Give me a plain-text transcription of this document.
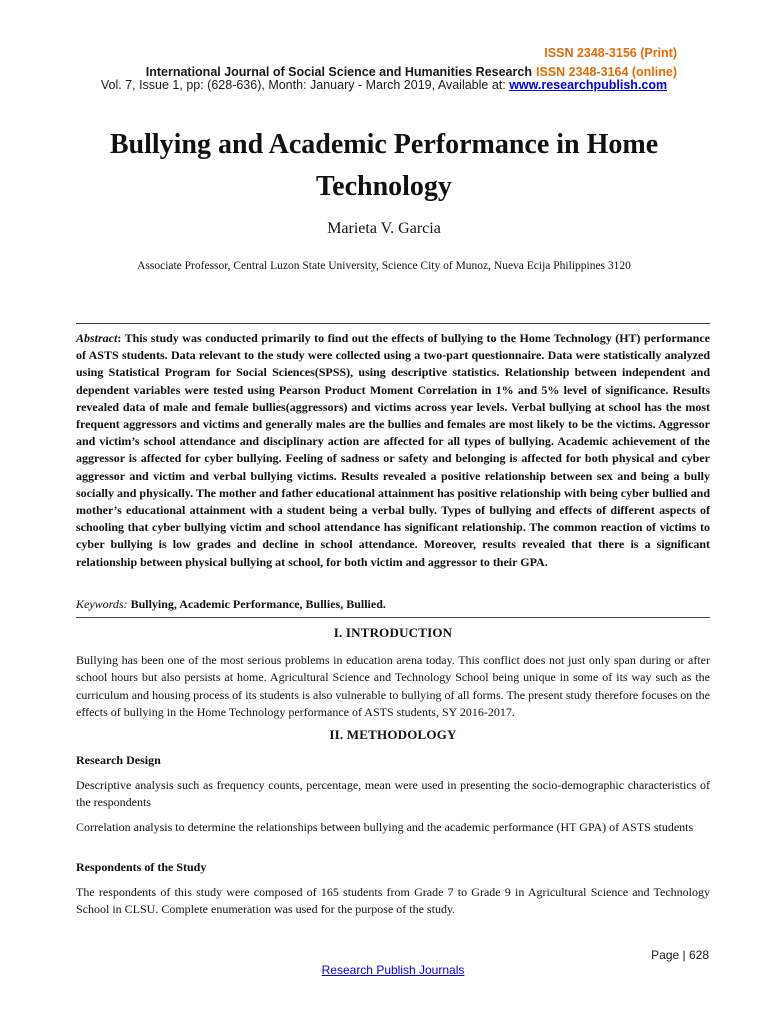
ISSN 2348-3156 (Print)
International Journal of Social Science and Humanities Research ISSN 2348-3164 (online)
Vol. 7, Issue 1, pp: (628-636), Month: January - March 2019, Available at: www.researchpublish.com
Bullying and Academic Performance in Home Technology
Marieta V. Garcia
Associate Professor, Central Luzon State University, Science City of Munoz, Nueva Ecija Philippines 3120

Abstract: This study was conducted primarily to find out the effects of bullying to the Home Technology (HT) performance of ASTS students. Data relevant to the study were collected using a two-part questionnaire. Data were statistically analyzed using Statistical Program for Social Sciences(SPSS), using descriptive statistics. Relationship between independent and dependent variables were tested using Pearson Product Moment Correlation in 1% and 5% level of significance. Results revealed data of male and female bullies(aggressors) and victims across year levels. Verbal bullying at school has the most frequent aggressors and victims and generally males are the bullies and females are most likely to be the victims. Aggressor and victim’s school attendance and disciplinary action are affected for all types of bullying. Academic achievement of the aggressor is affected for cyber bullying. Feeling of sadness or safety and belonging is affected for both physical and cyber aggressor and victim and verbal bullying victims. Results revealed a positive relationship between sex and being a bully socially and physically. The mother and father educational attainment has positive relationship with being cyber bullied and mother’s educational attainment with a student being a verbal bully. Types of bullying and effects of different aspects of schooling that cyber bullying victim and school attendance has significant relationship. The common reaction of victims to cyber bullying is low grades and decline in school attendance. Moreover, results revealed that there is a significant relationship between physical bullying at school, for both victim and aggressor to their GPA.

Keywords: Bullying, Academic Performance, Bullies, Bullied.

I. INTRODUCTION

Bullying has been one of the most serious problems in education arena today. This conflict does not just only span during or after school hours but also persists at home. Agricultural Science and Technology School being unique in some of its way such as the curriculum and housing process of its students is also vulnerable to bullying of all forms. The present study therefore focuses on the effects of bullying in the Home Technology performance of ASTS students, SY 2016-2017.

II. METHODOLOGY

Research Design

Descriptive analysis such as frequency counts, percentage, mean were used in presenting the socio-demographic characteristics of the respondents

Correlation analysis to determine the relationships between bullying and the academic performance (HT GPA) of ASTS students

Respondents of the Study

The respondents of this study were composed of 165 students from Grade 7 to Grade 9 in Agricultural Science and Technology School in CLSU. Complete enumeration was used for the purpose of the study.

Page | 628
Research Publish Journals
